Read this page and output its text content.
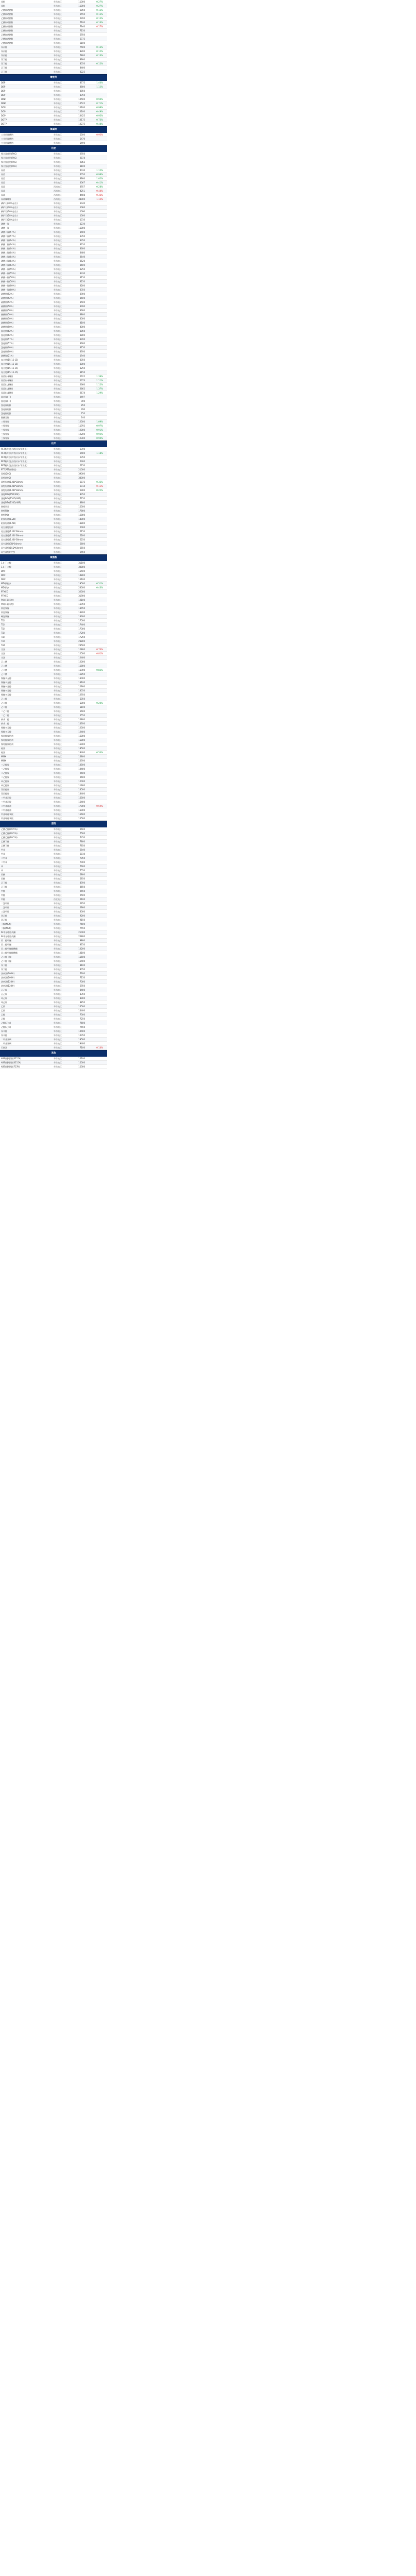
苯酚	华东地区	11000	-0.27%
苯酚	华东地区	11000	-0.27%
乙酸(冰醋酸)	华东地区	6850	-0.15%
乙酸(冰醋酸)	华东地区	6550	-0.15%
乙酸(冰醋酸)	华东地区	6700	-0.15%
乙酸(冰醋酸)	华东地区	7100	-0.16%
乙酸(冰醋酸)	华东地区	7940	0.17%
乙酸(冰醋酸)	华东地区	7150
乙酸(冰醋酸)	华东地区	6950
乙酸(冰醋酸)	华东地区	6775
乙酸(冰醋酸)	华东地区	6100
异丙醇	华东地区	7500	-0.13%
异丙醇	华东地区	8200	-0.12%
异丙醇	华东地区	7800	-0.13%
异丁醇	华东地区	8900
异丁醇	华东地区	8050	-0.12%
正丁醛	华东地区	8400
正丁醛	华东地区	8225
增塑剂
DBP	华东地区	8775	-1.40%
DBP	华东地区	8800	-1.12%
DBP	华东地区	8850
DBP	华东地区	8750
DINP	华东地区	10500	-0.94%
DINP	华东地区	10525	-0.71%
DOP	华东地区	10100	-0.98%
DOP	华东地区	10100	-0.49%
DOP	华东地区	10425	-0.95%
DOTP	华东地区	10175	-0.73%
DOTP	华东地区	10275	-0.48%
氯碱类
工业用碳酸钠	华东地区	5500	0.92%
工业用碳酸钠	华东地区	5470
工业用碳酸钠	华东地区	5490
化肥
聚合氯化铝(PAC)	华东地区	2950
聚合氯化铝(PAC)	华东地区	2874
聚合氯化铝(PAC)	华东地区	2863
聚合氯化铝(PAC)	华东地区	3100
尿素	华东地区	4030	-1.12%
尿素	华东地区	4050	-0.98%
尿素	华东地区	3900	-1.02%
尿素	华东地区	4067	-0.41%
尿素	西南地区	3957	-0.28%
尿素	西南地区	4251	0.44%
尿素	西南地区	4408	0.36%
尿素(颗粒)	西南地区	38000	1.12%
磷矿石(30%品位)	华东地区	1040
磷矿石(30%品位)	华东地区	1060
磷矿石(30%品位)	华东地区	1090
磷矿石(28%品位)	华东地区	1000
磷矿石(28%品位)	华东地区	1010
磷酸一铵	华东地区	1230
磷酸一铵	华东地区	11000
磷酸二铵(57%)	华东地区	3400
磷酸二铵(57%)	华东地区	3350
磷酸二铵(64%)	华东地区	3350
磷酸二铵(64%)	华东地区	3310
磷酸二铵(64%)	华东地区	3600
磷酸二铵(64%)	华东地区	3480
磷酸二铵(64%)	华东地区	3640
磷酸二铵(64%)	华东地区	3520
磷酸二铵(64%)	华东地区	3600
磷酸一铵(55%)	华东地区	3250
磷酸一铵(55%)	华东地区	3330
磷酸一铵(58%)	华东地区	3150
磷酸一铵(58%)	华东地区	3250
磷酸一铵(60%)	华东地区	3200
磷酸一铵(60%)	华东地区	3350
硫酸钾(52%)	华东地区	3900
硫酸钾(52%)	华东地区	3500
硫酸钾(52%)	华东地区	3500
硫酸钾(50%)	华东地区	3490
硫酸钾(50%)	华东地区	3600
硫酸钾(50%)	华东地区	3800
硫酸钾(50%)	华东地区	4000
硫酸钾(50%)	华东地区	4100
硫酸钾(50%)	华东地区	4000
氯化钾(62%)	华东地区	3850
氯化钾(62%)	华东地区	3800
氯化钾(57%)	华东地区	3700
氯化钾(57%)	华东地区	3600
氯化钾(60%)	华东地区	3750
氯化钾(60%)	华东地区	3700
硫酸铵(21%)	华东地区	1940
复合肥(15-15-15)	华东地区	3050
复合肥(15-15-15)	华东地区	3000
复合肥(15-15-15)	华东地区	3250
复合肥(15-15-15)	华东地区	3150
尿素(小颗粒)	华东地区	2625	-1.39%
尿素(小颗粒)	华东地区	2673	-1.11%
尿素(大颗粒)	华东地区	2660	-1.12%
尿素(大颗粒)	华东地区	2662	-1.37%
尿素(大颗粒)	华东地区	2674	-1.29%
氯化铵(干)	华东地区	2497
氯化铵(干)	华东地区	900
氯化铵(湿)	华东地区	850
氯化铵(湿)	华东地区	790
氯化铵(湿)	华东地区	750
碳酸氢铵	华东地区	740
三聚氰胺	华东地区	12500	-1.09%
三聚氰胺	华东地区	11792	-0.97%
三聚氰胺	华东地区	12000	-0.91%
三聚氰胺	华东地区	12200	-0.92%
三聚氰胺	华东地区	12300	-0.90%
化纤
PET瓶片(长丝级)(水/半消光)	华东地区	6700
PET瓶片(短纤级)(水/半消光)	华东地区	6400	-1.18%
PET瓶片(短纤级)(水/半消光)	华东地区	6350
PET瓶片(长丝级)(水/半消光)	华东地区	6300
PET瓶片(长丝级)(水/半消光)	华东地区	6250
PTT(PTT纤维级)	华东地区	21000
氨纶(20D)	华东地区	39000
氨纶(40D)	华东地区	34000
涤纶短纤(1.4D*38mm)	华东地区	6875	-0.36%
涤纶短纤(1.4D*38mm)	华东地区	6914	0.11%
涤纶短纤(1.4D*38mm)	华东地区	6900	-0.22%
涤纶FDY(75D/36F)	华东地区	8350
涤纶POY(150D/48F)	华东地区	7250
涤纶DTY(150D/48F)	华东地区	8800
锦纶切片	华东地区	15500
锦纶FDY	华东地区	17800
锦纶POY	华东地区	16800
粘胶短纤(1.2D)	华东地区	14000
粘胶短纤(1.5D)	华东地区	13800
再生涤纶短纤	华东地区	6000
再生涤纶(1.4D*38mm)	华东地区	6150
再生涤纶(1.4D*38mm)	华东地区	6200
再生涤纶(1.4D*38mm)	华东地区	6250
再生涤纶(7D*64mm)	华东地区	6600
再生涤纶(15D*64mm)	华东地区	6550
再生涤纶(中空)	华东地区	6450
聚氨酯
1,4-丁二醇	华东地区	31100
1,4-丁二醇	华东地区	30800
DMF	华东地区	15500
DMF	华东地区	14800
DMF	华东地区	15100
MDI(聚合)	华东地区	19500	-0.51%
MDI(纯)	华东地区	23000	-0.43%
PTMEG	华东地区	32500
PTMEG	华东地区	31900
PO(环氧丙烷)	华东地区	12100
PO(环氧丙烷)	华东地区	11950
软泡聚醚	华东地区	13450
软泡聚醚	华东地区	13200
硬泡聚醚	华东地区	13300
TDI	华东地区	17500
TDI	华东地区	17400
TDI	华东地区	17300
TDI	华东地区	17200
TDI	华东地区	17250
THF	华东地区	23800
THF	华东地区	23500
甘油	华东地区	12800	0.74%
甘油	华东地区	12500	0.81%
甘油	华东地区	12400
己二酸	华东地区	12000
己二酸	华东地区	11800
己二酸	华东地区	11900	-0.83%
己二酸	华东地区	11850
聚醚多元醇	华东地区	13000
聚醚多元醇	华东地区	13100
聚醚多元醇	华东地区	12900
聚醚多元醇	华东地区	13050
聚醚多元醇	华东地区	12950
乙二醇	华东地区	5050
乙二醇	华东地区	5000	-0.20%
乙二醇	华东地区	5100
二乙二醇	华东地区	5600
二乙二醇	华东地区	5550
新戊二醇	华东地区	14800
新戊二醇	华东地区	14700
聚酯多元醇	华东地区	12500
聚酯多元醇	华东地区	12400
聚氨酯胶粘剂	华东地区	16000
聚氨酯胶粘剂	华东地区	15800
聚氨酯胶粘剂	华东地区	15900
硅油	华东地区	18500
硅油	华东地区	18400	-0.54%
MIBK	华东地区	16800
MIBK	华东地区	16700
三乙醇胺	华东地区	10500
三乙醇胺	华东地区	10400
二乙醇胺	华东地区	9500
二乙醇胺	华东地区	9600
单乙醇胺	华东地区	12000
单乙醇胺	华东地区	11900
异丙醇胺	华东地区	13500
异丙醇胺	华东地区	13400
三甲基丙烷	华东地区	16500
三甲基丙烷	华东地区	16400
二甲基硅油	华东地区	17000	0.59%
二甲基硅油	华东地区	16900
甲基环硅氧烷	华东地区	15600
甲基环硅氧烷	华东地区	15500
溶剂
乙酸乙酯(99.5%)	华东地区	9600
乙酸乙酯(99.5%)	华东地区	7500
乙酸乙酯(99.5%)	华东地区	7450
乙酸丁酯	华东地区	7800
乙酸丁酯	华东地区	7850
甲苯	华东地区	6840
甲苯	华东地区	6810
二甲苯	华东地区	7050
二甲苯	华东地区	7000
苯	华东地区	7600
苯	华东地区	7550
丙酮	华东地区	5800
丙酮	华东地区	5850
正丁醇	华东地区	8700
正丁醇	华东地区	8650
甲醇	华东地区	2550
甲醇	华东地区	2500
甲醇	西北地区	2100
二氯甲烷	华东地区	2950
二氯甲烷	华东地区	2900
三氯甲烷	华东地区	3000
环己酮	华东地区	9200
环己酮	华东地区	9150
丁酮(MEK)	华东地区	7600
丁酮(MEK)	华东地区	7550
N-甲基吡咯烷酮	华东地区	21000
N-甲基吡咯烷酮	华东地区	20800
丙二醇甲醚	华东地区	9800
丙二醇甲醚	华东地区	9750
丙二醇甲醚醋酸酯	华东地区	10200
丙二醇甲醚醋酸酯	华东地区	10100
乙二醇丁醚	华东地区	11500
乙二醇丁醚	华东地区	11400
异丁醇	华东地区	8100
异丁醇	华东地区	8050
溶剂油(200#)	华东地区	7200
溶剂油(200#)	华东地区	7150
溶剂油(120#)	华东地区	7000
溶剂油(120#)	华东地区	6950
正己烷	华东地区	8400
正己烷	华东地区	8350
环己烷	华东地区	8900
环己烷	华东地区	8850
乙腈	华东地区	14500
乙腈	华东地区	14400
乙醇	华东地区	7300
乙醇	华东地区	7250
乙醇(无水)	华东地区	7600
乙醇(无水)	华东地区	7550
异辛醇	华东地区	10400
异辛醇	华东地区	10350
二甲基亚砜	华东地区	19500
二甲基亚砜	华东地区	19400
石脑油	华东地区	7100	0.14%
其他
ABS(通用级)(0215A)	华东地区	15100
ABS(通用级)(0215A)	华东地区	15000
ABS(通用级)(757K)	华东地区	15300
